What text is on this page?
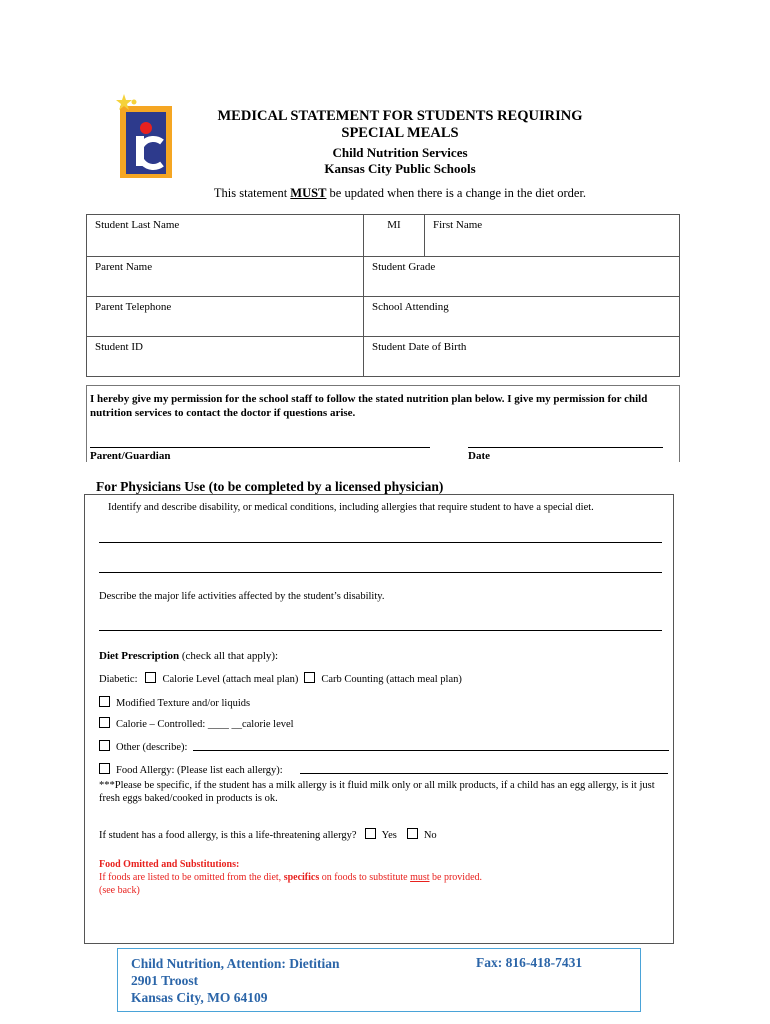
MEDICAL STATEMENT FOR STUDENTS REQUIRING
SPECIAL MEALS
Child Nutrition Services
Kansas City Public Schools
This statement MUST be updated when there is a change in the diet order.
Student Last Name	MI	First Name
Parent Name	Student Grade	
Parent Telephone	School Attending	
Student ID	Student Date of Birth	
I hereby give my permission for the school staff to follow the stated nutrition plan below. I give my permission for child nutrition services to contact the doctor if questions arise.
Parent/Guardian	Date
For Physicians Use (to be completed by a licensed physician)
Identify and describe disability, or medical conditions, including allergies that require student to have a special diet.
Describe the major life activities affected by the student’s disability.
Diet Prescription (check all that apply):
Diabetic: Calorie Level (attach meal plan) Carb Counting (attach meal plan)
Modified Texture and/or liquids
Calorie – Controlled: ____ __calorie level
Other (describe):
Food Allergy: (Please list each allergy):
***Please be specific, if the student has a milk allergy is it fluid milk only or all milk products, if a child has an egg allergy, is it just fresh eggs baked/cooked in products is ok.
If student has a food allergy, is this a life-threatening allergy? Yes	No
Food Omitted and Substitutions:
If foods are listed to be omitted from the diet, specifics on foods to substitute must be provided.
(see back)
Child Nutrition, Attention: Dietitian
2901 Troost
Kansas City, MO 64109
Fax: 816-418-7431
